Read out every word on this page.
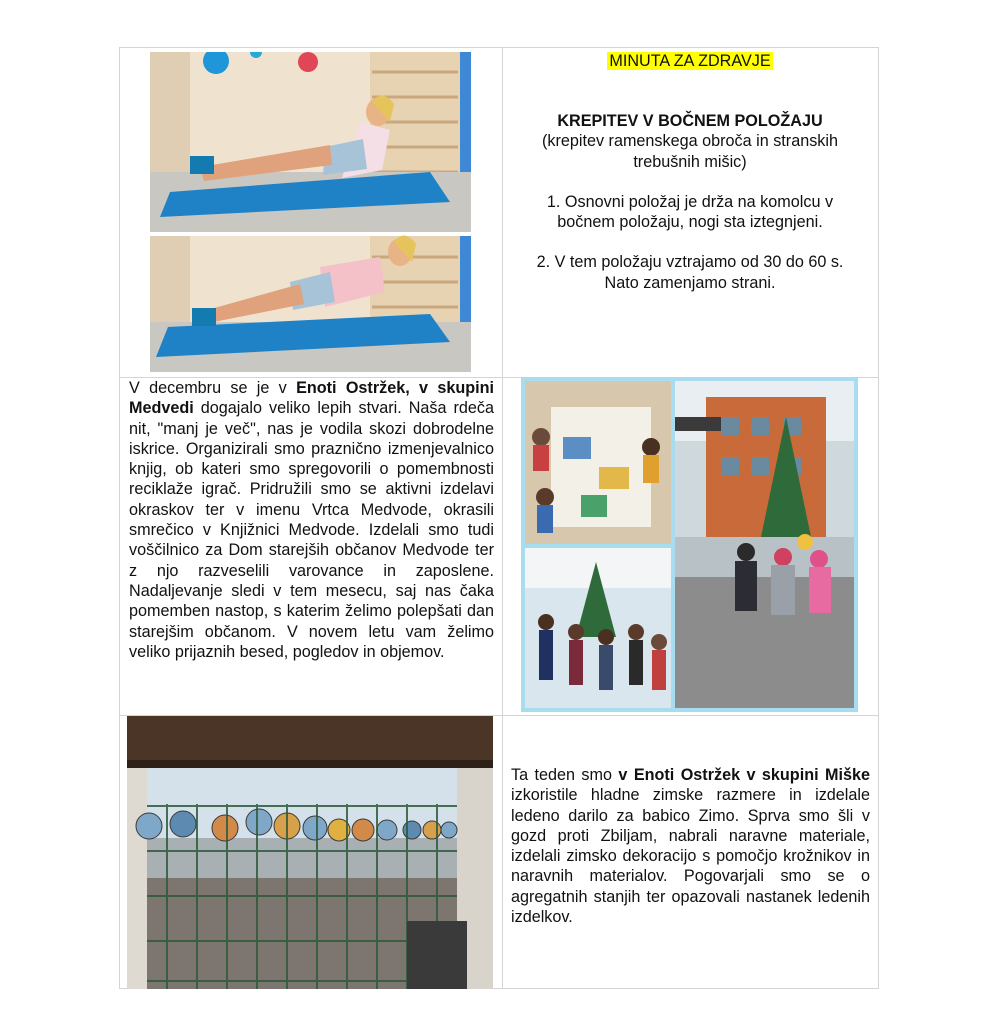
MINUTA ZA ZDRAVJE
KREPITEV V BOČNEM POLOŽAJU
(krepitev ramenskega obroča in stranskih trebušnih mišic)
1. Osnovni položaj je drža na komolcu v bočnem položaju, nogi sta iztegnjeni.
2. V tem položaju vztrajamo od 30 do 60 s.
Nato zamenjamo strani.
V decembru se je v Enoti Ostržek, v skupini Medvedi dogajalo veliko lepih stvari. Naša rdeča nit, "manj je več", nas je vodila skozi dobrodelne iskrice. Organizirali smo praznično izmenjevalnico knjig, ob kateri smo spregovorili o pomembnosti reciklaže igrač. Pridružili smo se aktivni izdelavi okraskov ter v imenu Vrtca Medvode, okrasili smrečico v Knjižnici Medvode. Izdelali smo tudi voščilnico za Dom starejših občanov Medvode ter z njo razveselili varovance in zaposlene. Nadaljevanje sledi v tem mesecu, saj nas čaka pomemben nastop, s katerim želimo polepšati dan starejšim občanom. V novem letu vam želimo veliko prijaznih besed, pogledov in objemov.
Ta teden smo v Enoti Ostržek v skupini Miške izkoristile hladne zimske razmere in izdelale ledeno darilo za babico Zimo. Sprva smo šli v gozd proti Zbiljam, nabrali naravne materiale, izdelali zimsko dekoracijo s pomočjo krožnikov in naravnih materialov. Pogovarjali smo se o agregatnih stanjih ter opazovali nastanek ledenih izdelkov.
